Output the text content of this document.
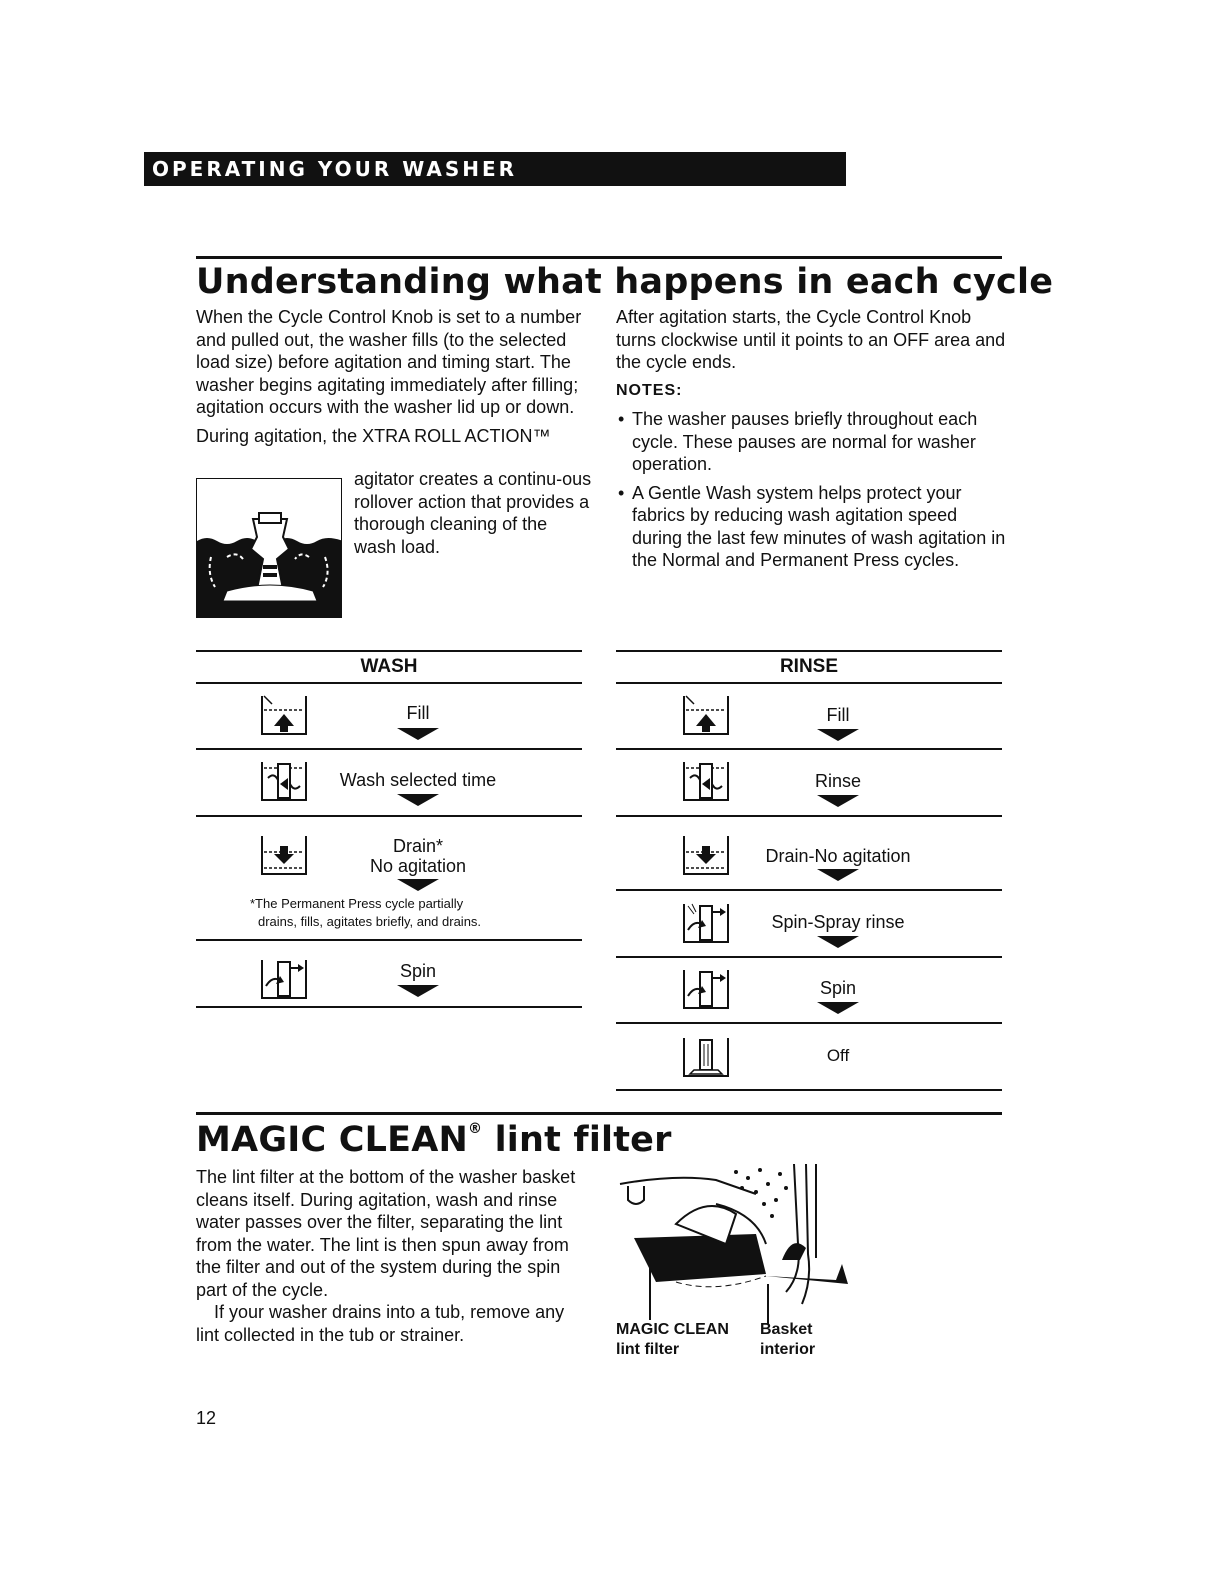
OPERATING YOUR WASHER
Understanding what happens in each cycle

When the Cycle Control Knob is set to a number and pulled out, the washer fills (to the selected load size) before agitation and timing start. The washer begins agitating immediately after filling; agitation occurs with the washer lid up or down.

During agitation, the XTRA ROLL ACTION™

agitator creates a continu-ous rollover action that provides a thorough cleaning of the wash load.

After agitation starts, the Cycle Control Knob turns clockwise until it points to an OFF area and the cycle ends.

NOTES:
• The washer pauses briefly throughout each cycle. These pauses are normal for washer operation.
• A Gentle Wash system helps protect your fabrics by reducing wash agitation speed during the last few minutes of wash agitation in the Normal and Permanent Press cycles.
WASH
Fill
Wash selected time
Drain*
No agitation
*The Permanent Press cycle partially
drains, fills, agitates briefly, and drains.
Spin
RINSE
Fill
Rinse
Drain-No agitation
Spin-Spray rinse
Spin
Off
MAGIC CLEAN® lint filter

The lint filter at the bottom of the washer basket cleans itself. During agitation, wash and rinse water passes over the filter, separating the lint from the water. The lint is then spun away from the filter and out of the system during the spin part of the cycle.

If your washer drains into a tub, remove any lint collected in the tub or strainer.	MAGIC CLEAN
lint filter
Basket
interior
12
